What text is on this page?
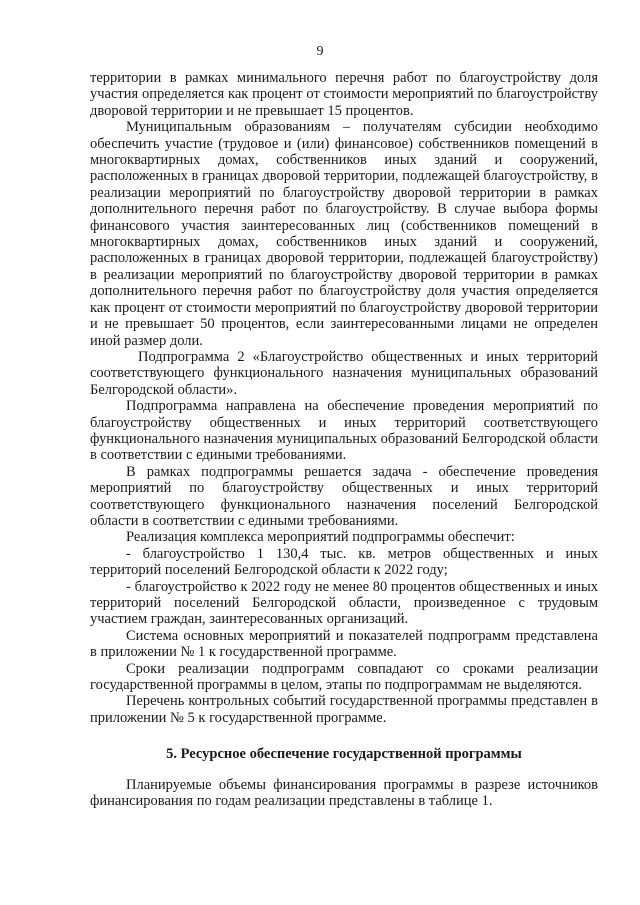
9

территории в рамках минимального перечня работ по благоустройству доля участия определяется как процент от стоимости мероприятий по благоустройству дворовой территории и не превышает 15 процентов.

Муниципальным образованиям – получателям субсидии необходимо обеспечить участие (трудовое и (или) финансовое) собственников помещений в многоквартирных домах, собственников иных зданий и сооружений, расположенных в границах дворовой территории, подлежащей благоустройству, в реализации мероприятий по благоустройству дворовой территории в рамках дополнительного перечня работ по благоустройству. В случае выбора формы финансового участия заинтересованных лиц (собственников помещений в многоквартирных домах, собственников иных зданий и сооружений, расположенных в границах дворовой территории, подлежащей благоустройству) в реализации мероприятий по благоустройству дворовой территории в рамках дополнительного перечня работ по благоустройству доля участия определяется как процент от стоимости мероприятий по благоустройству дворовой территории и не превышает 50 процентов, если заинтересованными лицами не определен иной размер доли.

Подпрограмма 2 «Благоустройство общественных и иных территорий соответствующего функционального назначения муниципальных образований Белгородской области».

Подпрограмма направлена на обеспечение проведения мероприятий по благоустройству общественных и иных территорий соответствующего функционального назначения муниципальных образований Белгородской области в соответствии с едиными требованиями.

В рамках подпрограммы решается задача - обеспечение проведения мероприятий по благоустройству общественных и иных территорий соответствующего функционального назначения поселений Белгородской области в соответствии с едиными требованиями.

Реализация комплекса мероприятий подпрограммы обеспечит:

- благоустройство 1 130,4 тыс. кв. метров общественных и иных территорий поселений Белгородской области к 2022 году;

- благоустройство к 2022 году не менее 80 процентов общественных и иных территорий поселений Белгородской области, произведенное с трудовым участием граждан, заинтересованных организаций.

Система основных мероприятий и показателей подпрограмм представлена в приложении № 1 к государственной программе.

Сроки реализации подпрограмм совпадают со сроками реализации государственной программы в целом, этапы по подпрограммам не выделяются.

Перечень контрольных событий государственной программы представлен в приложении № 5 к государственной программе.

5. Ресурсное обеспечение государственной программы

Планируемые объемы финансирования программы в разрезе источников финансирования по годам реализации представлены в таблице 1.
